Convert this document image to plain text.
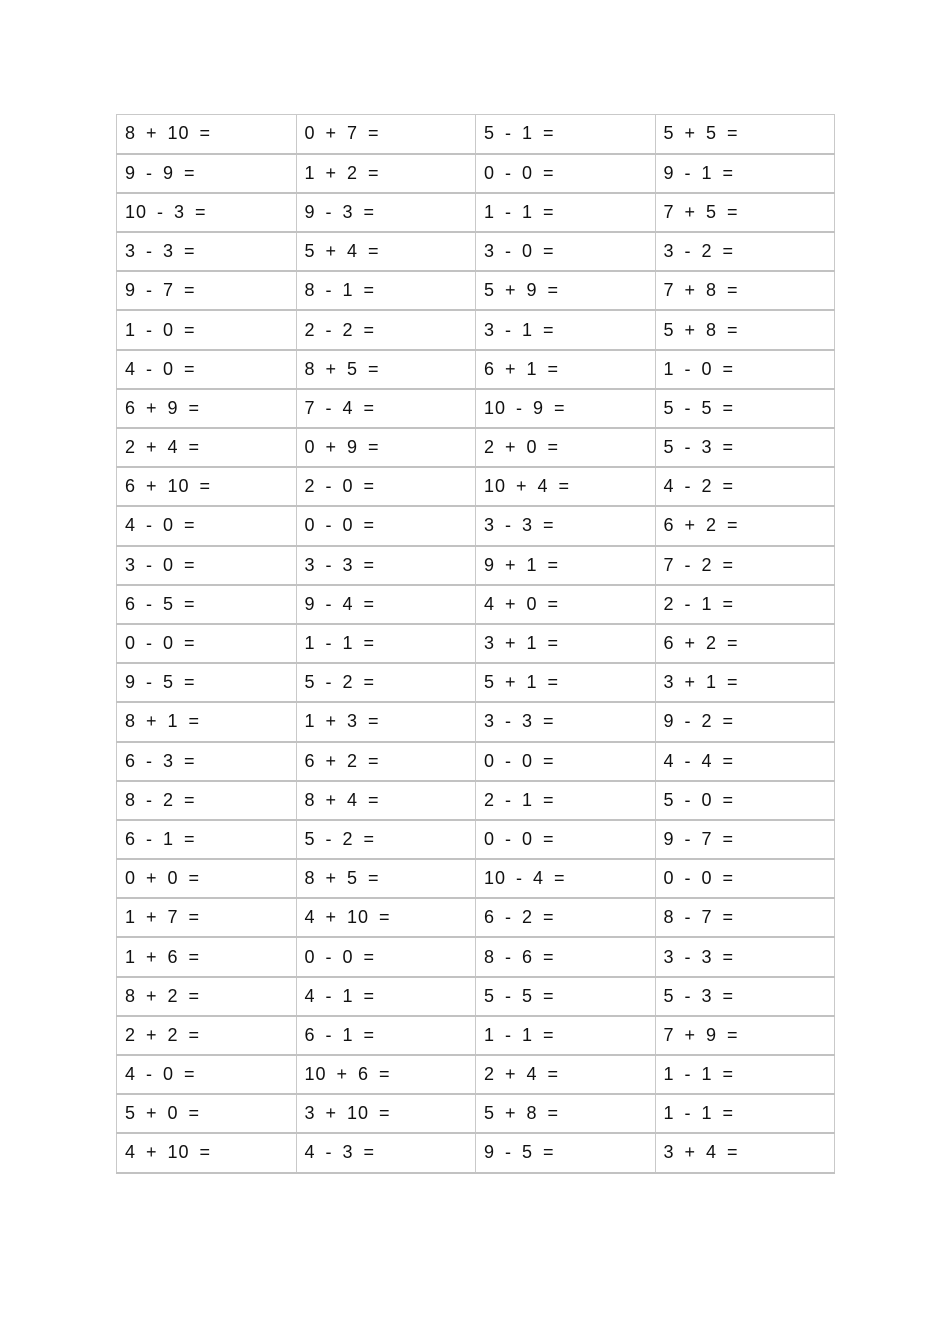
8 + 10 =	0 + 7 =	5 - 1 =	5 + 5 =
9 - 9 =	1 + 2 =	0 - 0 =	9 - 1 =
10 - 3 =	9 - 3 =	1 - 1 =	7 + 5 =
3 - 3 =	5 + 4 =	3 - 0 =	3 - 2 =
9 - 7 =	8 - 1 =	5 + 9 =	7 + 8 =
1 - 0 =	2 - 2 =	3 - 1 =	5 + 8 =
4 - 0 =	8 + 5 =	6 + 1 =	1 - 0 =
6 + 9 =	7 - 4 =	10 - 9 =	5 - 5 =
2 + 4 =	0 + 9 =	2 + 0 =	5 - 3 =
6 + 10 =	2 - 0 =	10 + 4 =	4 - 2 =
4 - 0 =	0 - 0 =	3 - 3 =	6 + 2 =
3 - 0 =	3 - 3 =	9 + 1 =	7 - 2 =
6 - 5 =	9 - 4 =	4 + 0 =	2 - 1 =
0 - 0 =	1 - 1 =	3 + 1 =	6 + 2 =
9 - 5 =	5 - 2 =	5 + 1 =	3 + 1 =
8 + 1 =	1 + 3 =	3 - 3 =	9 - 2 =
6 - 3 =	6 + 2 =	0 - 0 =	4 - 4 =
8 - 2 =	8 + 4 =	2 - 1 =	5 - 0 =
6 - 1 =	5 - 2 =	0 - 0 =	9 - 7 =
0 + 0 =	8 + 5 =	10 - 4 =	0 - 0 =
1 + 7 =	4 + 10 =	6 - 2 =	8 - 7 =
1 + 6 =	0 - 0 =	8 - 6 =	3 - 3 =
8 + 2 =	4 - 1 =	5 - 5 =	5 - 3 =
2 + 2 =	6 - 1 =	1 - 1 =	7 + 9 =
4 - 0 =	10 + 6 =	2 + 4 =	1 - 1 =
5 + 0 =	3 + 10 =	5 + 8 =	1 - 1 =
4 + 10 =	4 - 3 =	9 - 5 =	3 + 4 =
